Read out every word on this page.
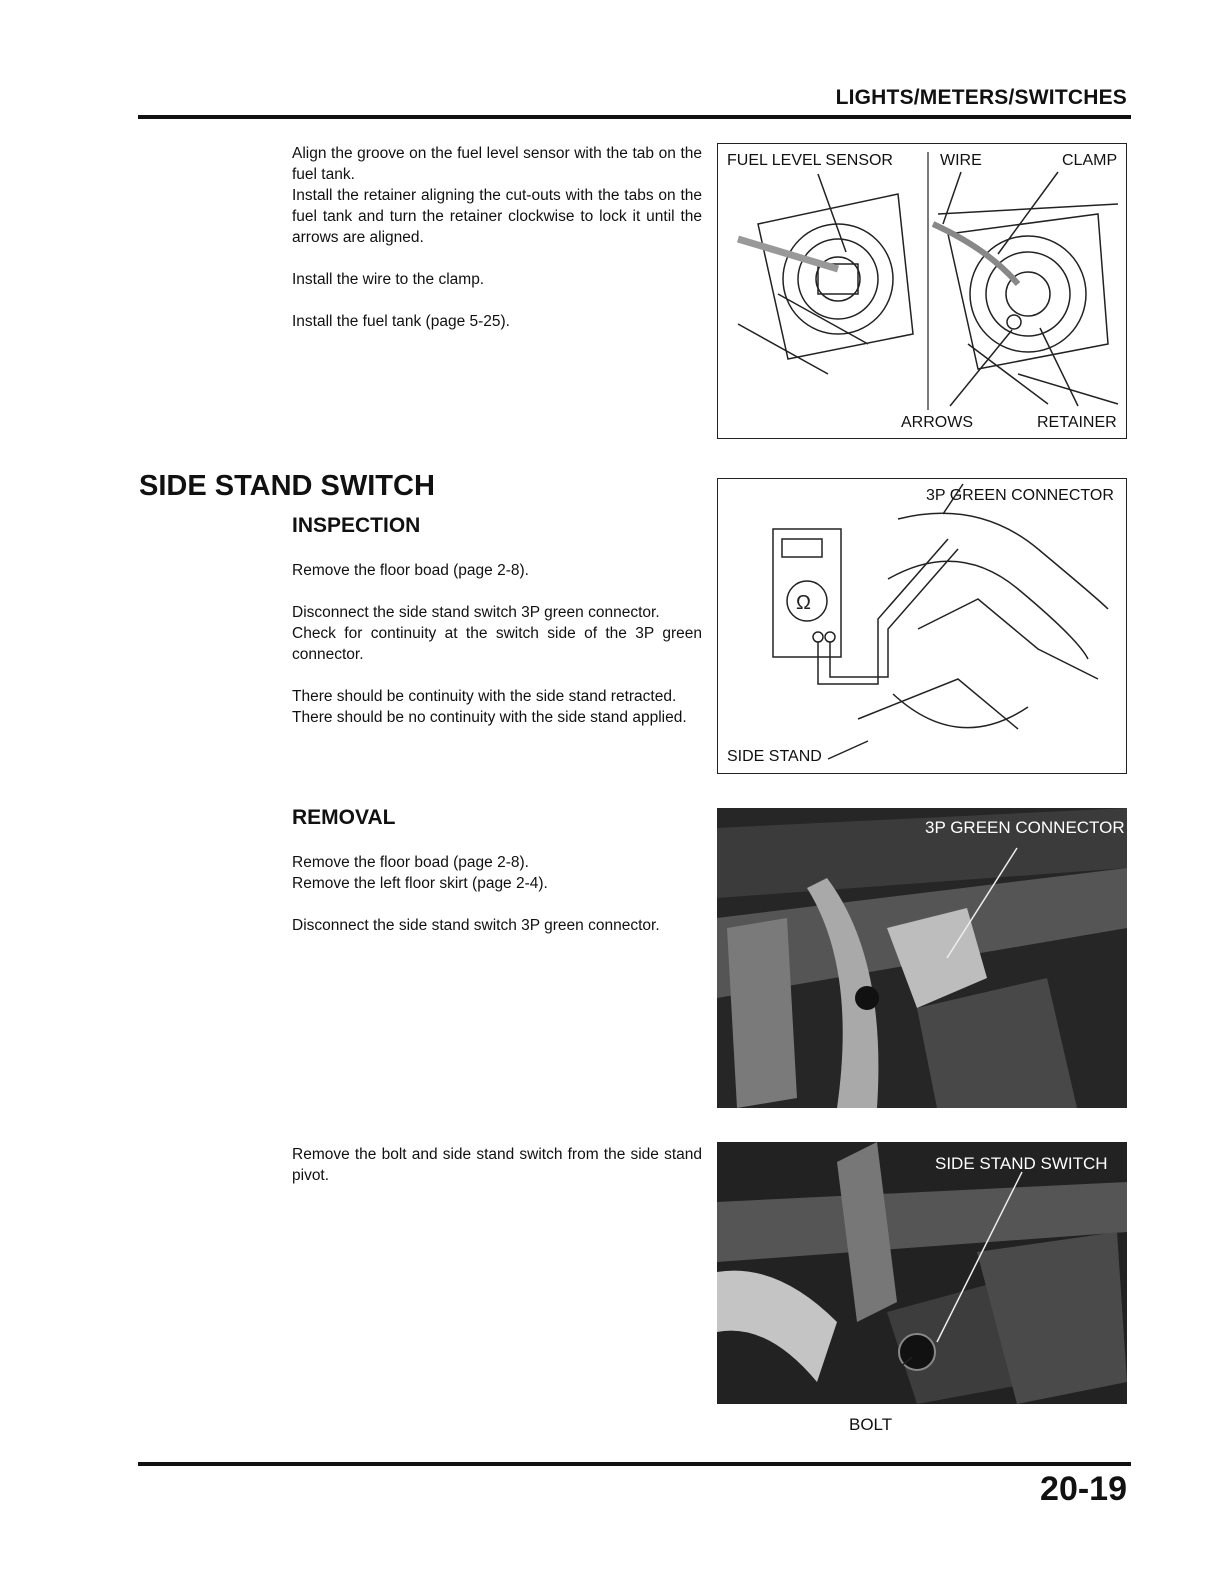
LIGHTS/METERS/SWITCHES

Align the groove on the fuel level sensor with the tab on the fuel tank.

Install the retainer aligning the cut-outs with the tabs on the fuel tank and turn the retainer clockwise to lock it until the arrows are aligned.

Install the wire to the clamp.

Install the fuel tank (page 5-25).

FUEL LEVEL SENSOR	WIRE	CLAMP
ARROWS	RETAINER
SIDE STAND SWITCH
INSPECTION

Remove the floor boad (page 2-8).

Disconnect the side stand switch 3P green connector.

Check for continuity at the switch side of the 3P green connector.

There should be continuity with the side stand retracted.

There should be no continuity with the side stand applied.

Ω
3P GREEN CONNECTOR
SIDE STAND
REMOVAL

Remove the floor boad (page 2-8).

Remove the left floor skirt (page 2-4).

Disconnect the side stand switch 3P green connector.

3P GREEN CONNECTOR

Remove the bolt and side stand switch from the side stand pivot.

SIDE STAND SWITCH
BOLT
20-19
